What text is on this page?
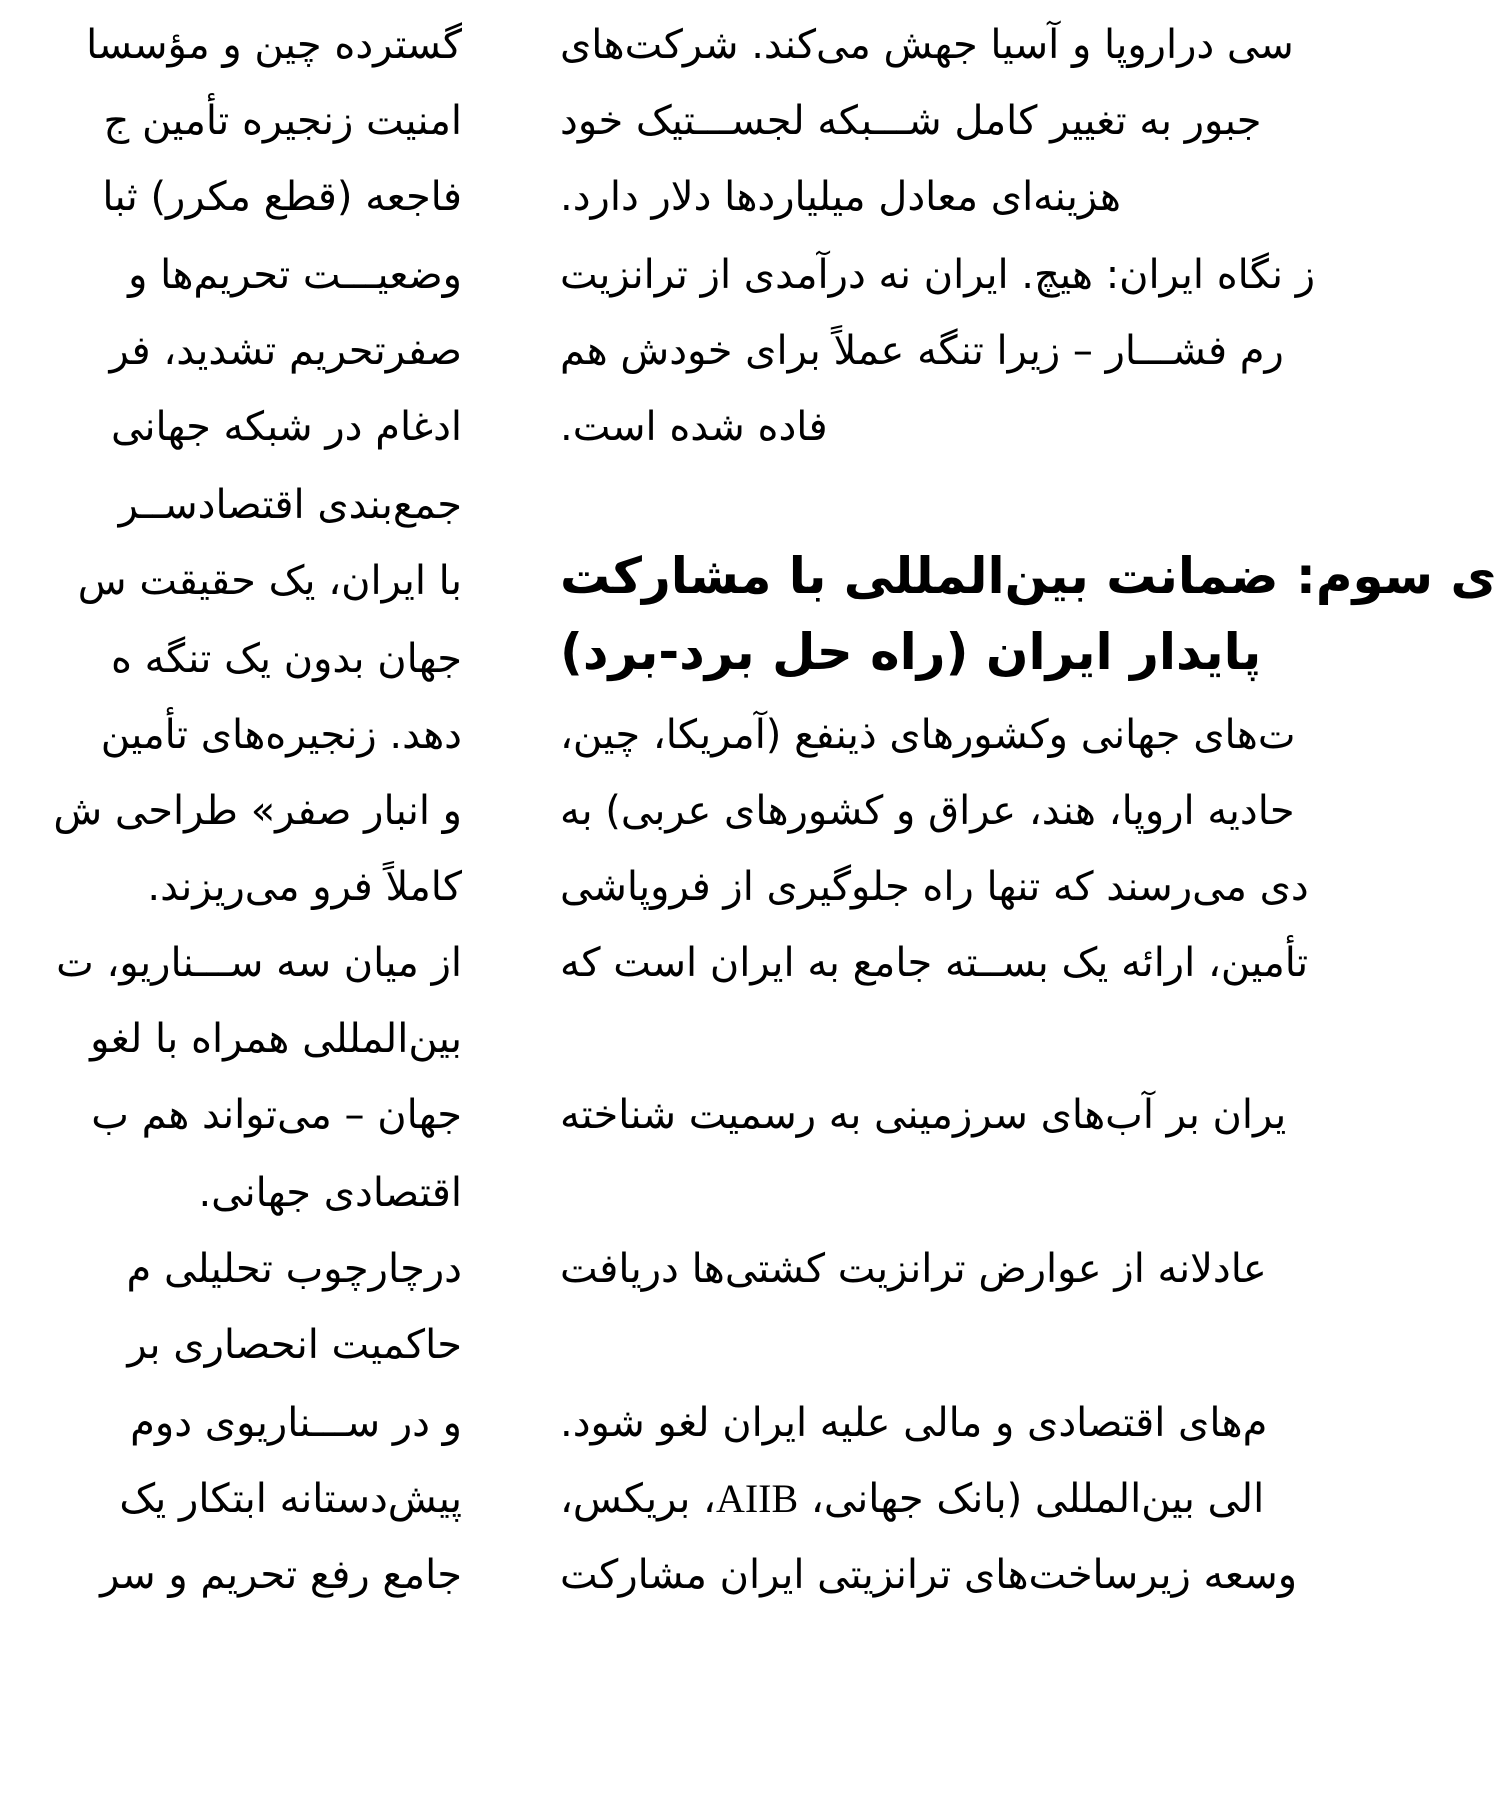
گسترده چین و مؤسسا
امنیت زنجیره تأمین ج
فاجعه (قطع مکرر) ثبا
وضعیـــت تحریم‌ها و
صفرتحریم تشدید، فر
ادغام در شبکه جهانی
جمع‌بندی اقتصادســر
با ایران، یک حقیقت س
جهان بدون یک تنگه ه
دهد. زنجیره‌های تأمین
و انبار صفر» طراحی ش
کاملاً فرو می‌ریزند.
از میان سه ســـناریو، ت
بین‌المللی همراه با لغو
جهان – می‌تواند هم ب
اقتصادی جهانی.
درچارچوب تحلیلی م
حاکمیت انحصاری بر
و در ســـناریوی دوم
پیش‌دستانه ابتکار یک
جامع رفع تحریم و سر
سی دراروپا و آسیا جهش می‌کند. شرکت‌های
جبور به تغییر کامل شـــبکه لجســـتیک خود
هزینه‌ای معادل میلیاردها دلار دارد.
ز نگاه ایران: هیچ. ایران نه درآمدی از ترانزیت
رم فشـــار – زیرا تنگه عملاً برای خودش هم
فاده شده است.
ی سوم: ضمانت بین‌المللی با مشارکت
پایدار ایران (راه حل برد-برد)
ت‌های جهانی وکشورهای ذینفع (آمریکا، چین،
حادیه اروپا، هند، عراق و کشورهای عربی) به
دی می‌رسند که تنها راه جلوگیری از فروپاشی
تأمین، ارائه یک بســته جامع به ایران است که
یران بر آب‌های سرزمینی به رسمیت شناخته
عادلانه از عوارض ترانزیت کشتی‌ها دریافت
م‌های اقتصادی و مالی علیه ایران لغو شود.
الی بین‌المللی (بانک جهانی، AIIB، بریکس،
وسعه زیرساخت‌های ترانزیتی ایران مشارکت
